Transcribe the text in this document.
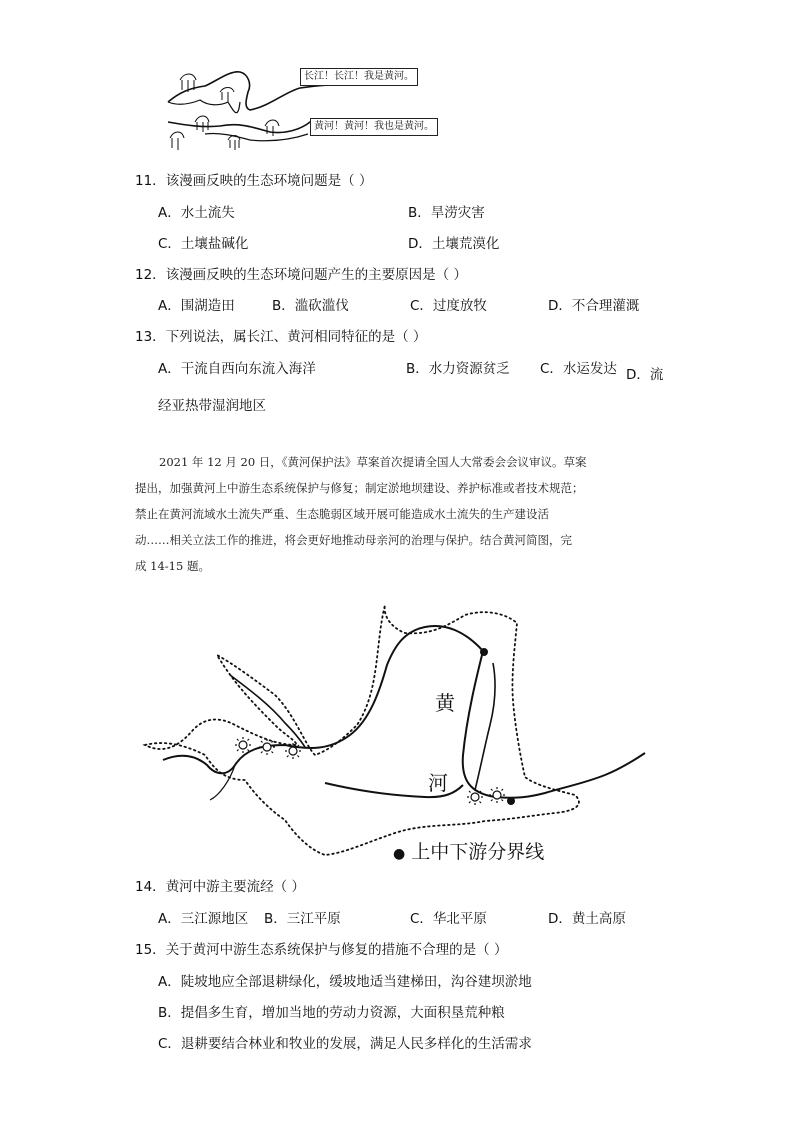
长江！长江！我是黄河。
黄河！黄河！我也是黄河。
11．该漫画反映的生态环境问题是（ ）
A．水土流失	B．旱涝灾害
C．土壤盐碱化	D．土壤荒漠化
12．该漫画反映的生态环境问题产生的主要原因是（ ）
A．围湖造田	B．滥砍滥伐	C．过度放牧	D．不合理灌溉
13．下列说法，属长江、黄河相同特征的是（ ）
A．干流自西向东流入海洋	B．水力资源贫乏 C．水运发达 D．流经亚热带湿润地区
2021 年 12 月 20 日，《黄河保护法》草案首次提请全国人大常委会会议审议。草案
提出，加强黄河上中游生态系统保护与修复；制定淤地坝建设、养护标准或者技术规范；
禁止在黄河流域水土流失严重、生态脆弱区域开展可能造成水土流失的生产建设活
动……相关立法工作的推进，将会更好地推动母亲河的治理与保护。结合黄河简图，完
成 14-15 题。
黄
河
● 上中下游分界线
14．黄河中游主要流经（ ）
A．三江源地区 B．三江平原	C．华北平原	D．黄土高原
15．关于黄河中游生态系统保护与修复的措施不合理的是（ ）
A．陡坡地应全部退耕绿化，缓坡地适当建梯田，沟谷建坝淤地
B．提倡多生育，增加当地的劳动力资源，大面积垦荒种粮
C．退耕要结合林业和牧业的发展，满足人民多样化的生活需求
